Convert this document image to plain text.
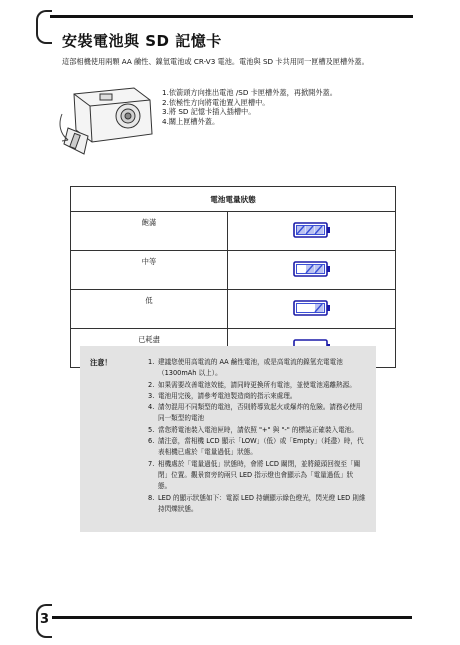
安裝電池與 SD 記憶卡
這部相機使用兩顆 AA 鹼性、鎳氫電池或 CR-V3 電池。電池與 SD 卡共用同一匣槽及匣槽外蓋。
1.依箭頭方向推出電池 /SD 卡匣槽外蓋，再掀開外蓋。
2.依極性方向將電池置入匣槽中。
3.將 SD 記憶卡插入插槽中。
4.關上匣槽外蓋。
電池電量狀態	
飽滿	
中等	
低	
已耗盡	
注意！	1. 建議您使用高電流的 AA 鹼性電池，或是高電流的鎳氫充電電池（1300mAh 以上）。
2. 如果需要改善電池效能，請同時更換所有電池，並使電池遠離熱源。
3. 電池用完後，請參考電池製造商的指示來處理。
4. 請勿混用不同類型的電池，否則將導致起火或爆炸的危險。請務必使用同一類型的電池
5. 當您將電池裝入電池匣時，請依照 "+" 與 "-" 的標誌正確裝入電池。
6. 請注意，當相機 LCD 顯示「LOW」（低）或「Empty」（耗盡）時，代表相機已處於「電量過低」狀態。
7. 相機處於「電量過低」狀態時，會將 LCD 關閉，並將鏡頭回復至「關閉」位置。觀景窗旁的兩只 LED 指示燈也會顯示為「電量過低」狀態。
8. LED 的顯示狀態如下：電源 LED 持續顯示綠色燈光，閃光燈 LED 則維持閃爍狀態。
3
